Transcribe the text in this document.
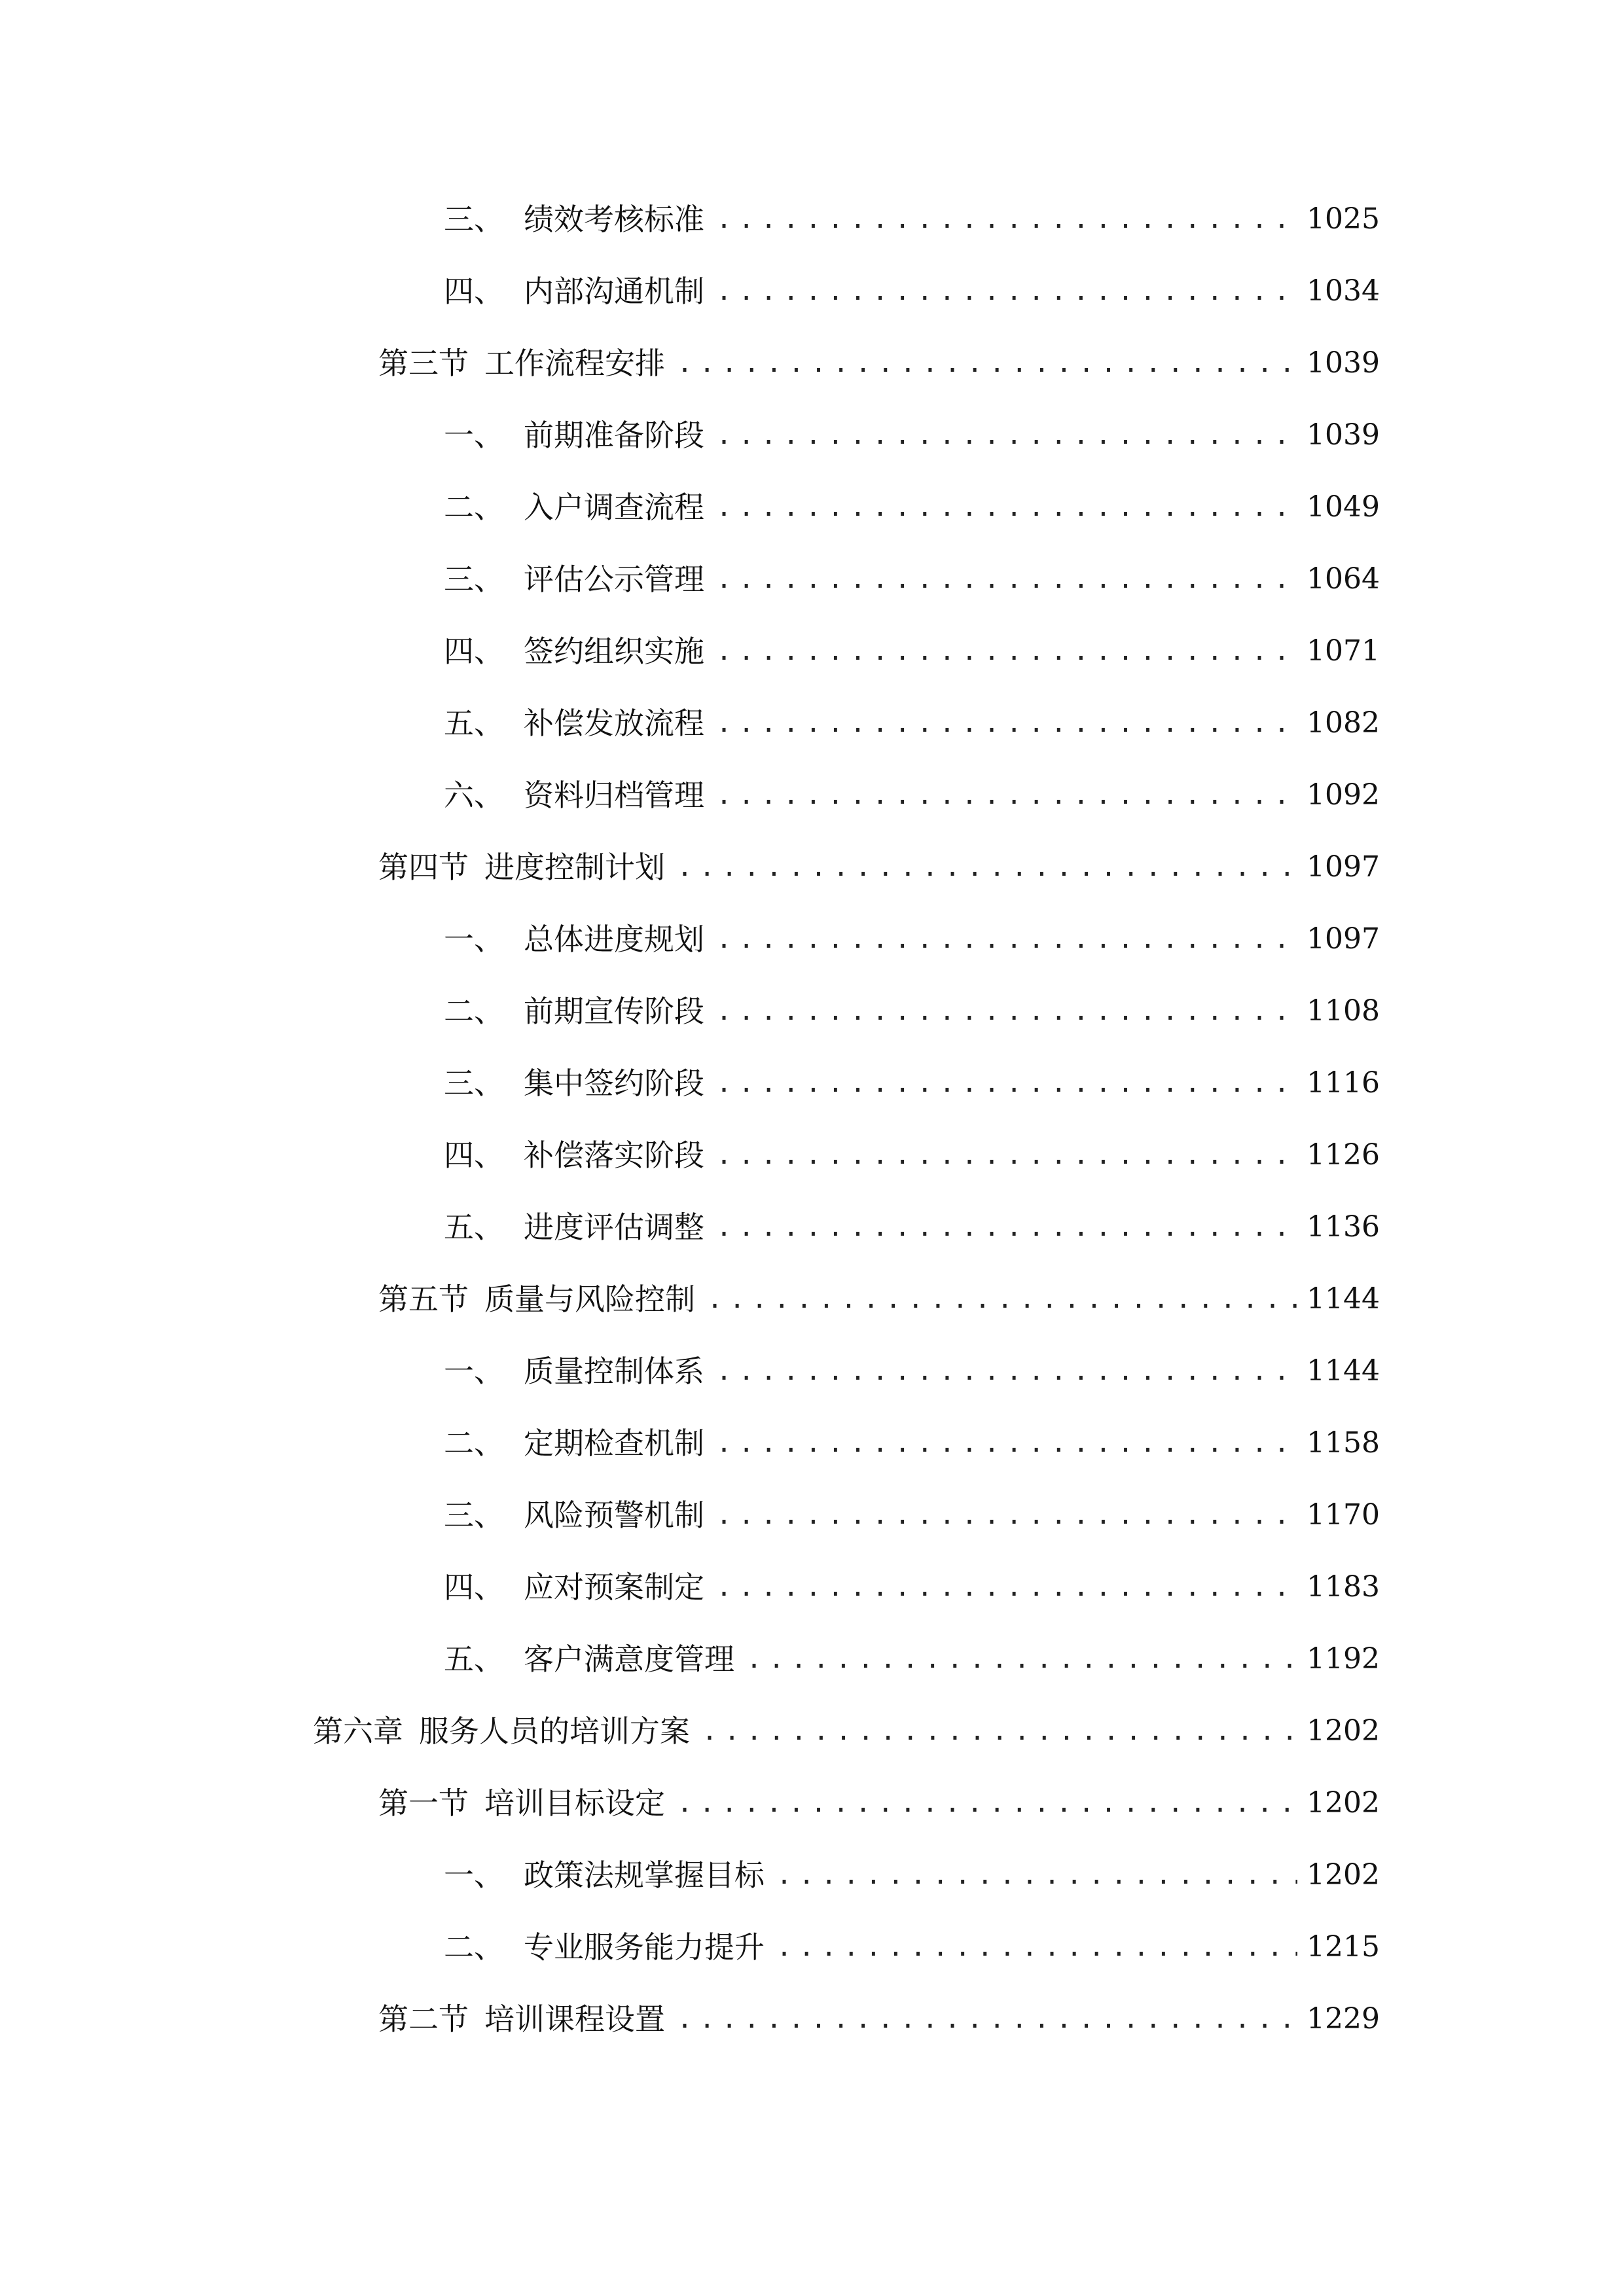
三、 绩效考核标准 .....	1025
四、 内部沟通机制 .....	1034
第三节 工作流程安排 .....	1039
一、 前期准备阶段 .....	1039
二、 入户调查流程 .....	1049
三、 评估公示管理 .....	1064
四、 签约组织实施 .....	1071
五、 补偿发放流程 .....	1082
六、 资料归档管理 .....	1092
第四节 进度控制计划 .....	1097
一、 总体进度规划 .....	1097
二、 前期宣传阶段 .....	1108
三、 集中签约阶段 .....	1116
四、 补偿落实阶段 .....	1126
五、 进度评估调整 .....	1136
第五节 质量与风险控制 .....	1144
一、 质量控制体系 .....	1144
二、 定期检查机制 .....	1158
三、 风险预警机制 .....	1170
四、 应对预案制定 .....	1183
五、 客户满意度管理 .....	1192
第六章 服务人员的培训方案 .....	1202
第一节 培训目标设定 .....	1202
一、 政策法规掌握目标 .....	1202
二、 专业服务能力提升 .....	1215
第二节 培训课程设置 .....	1229
